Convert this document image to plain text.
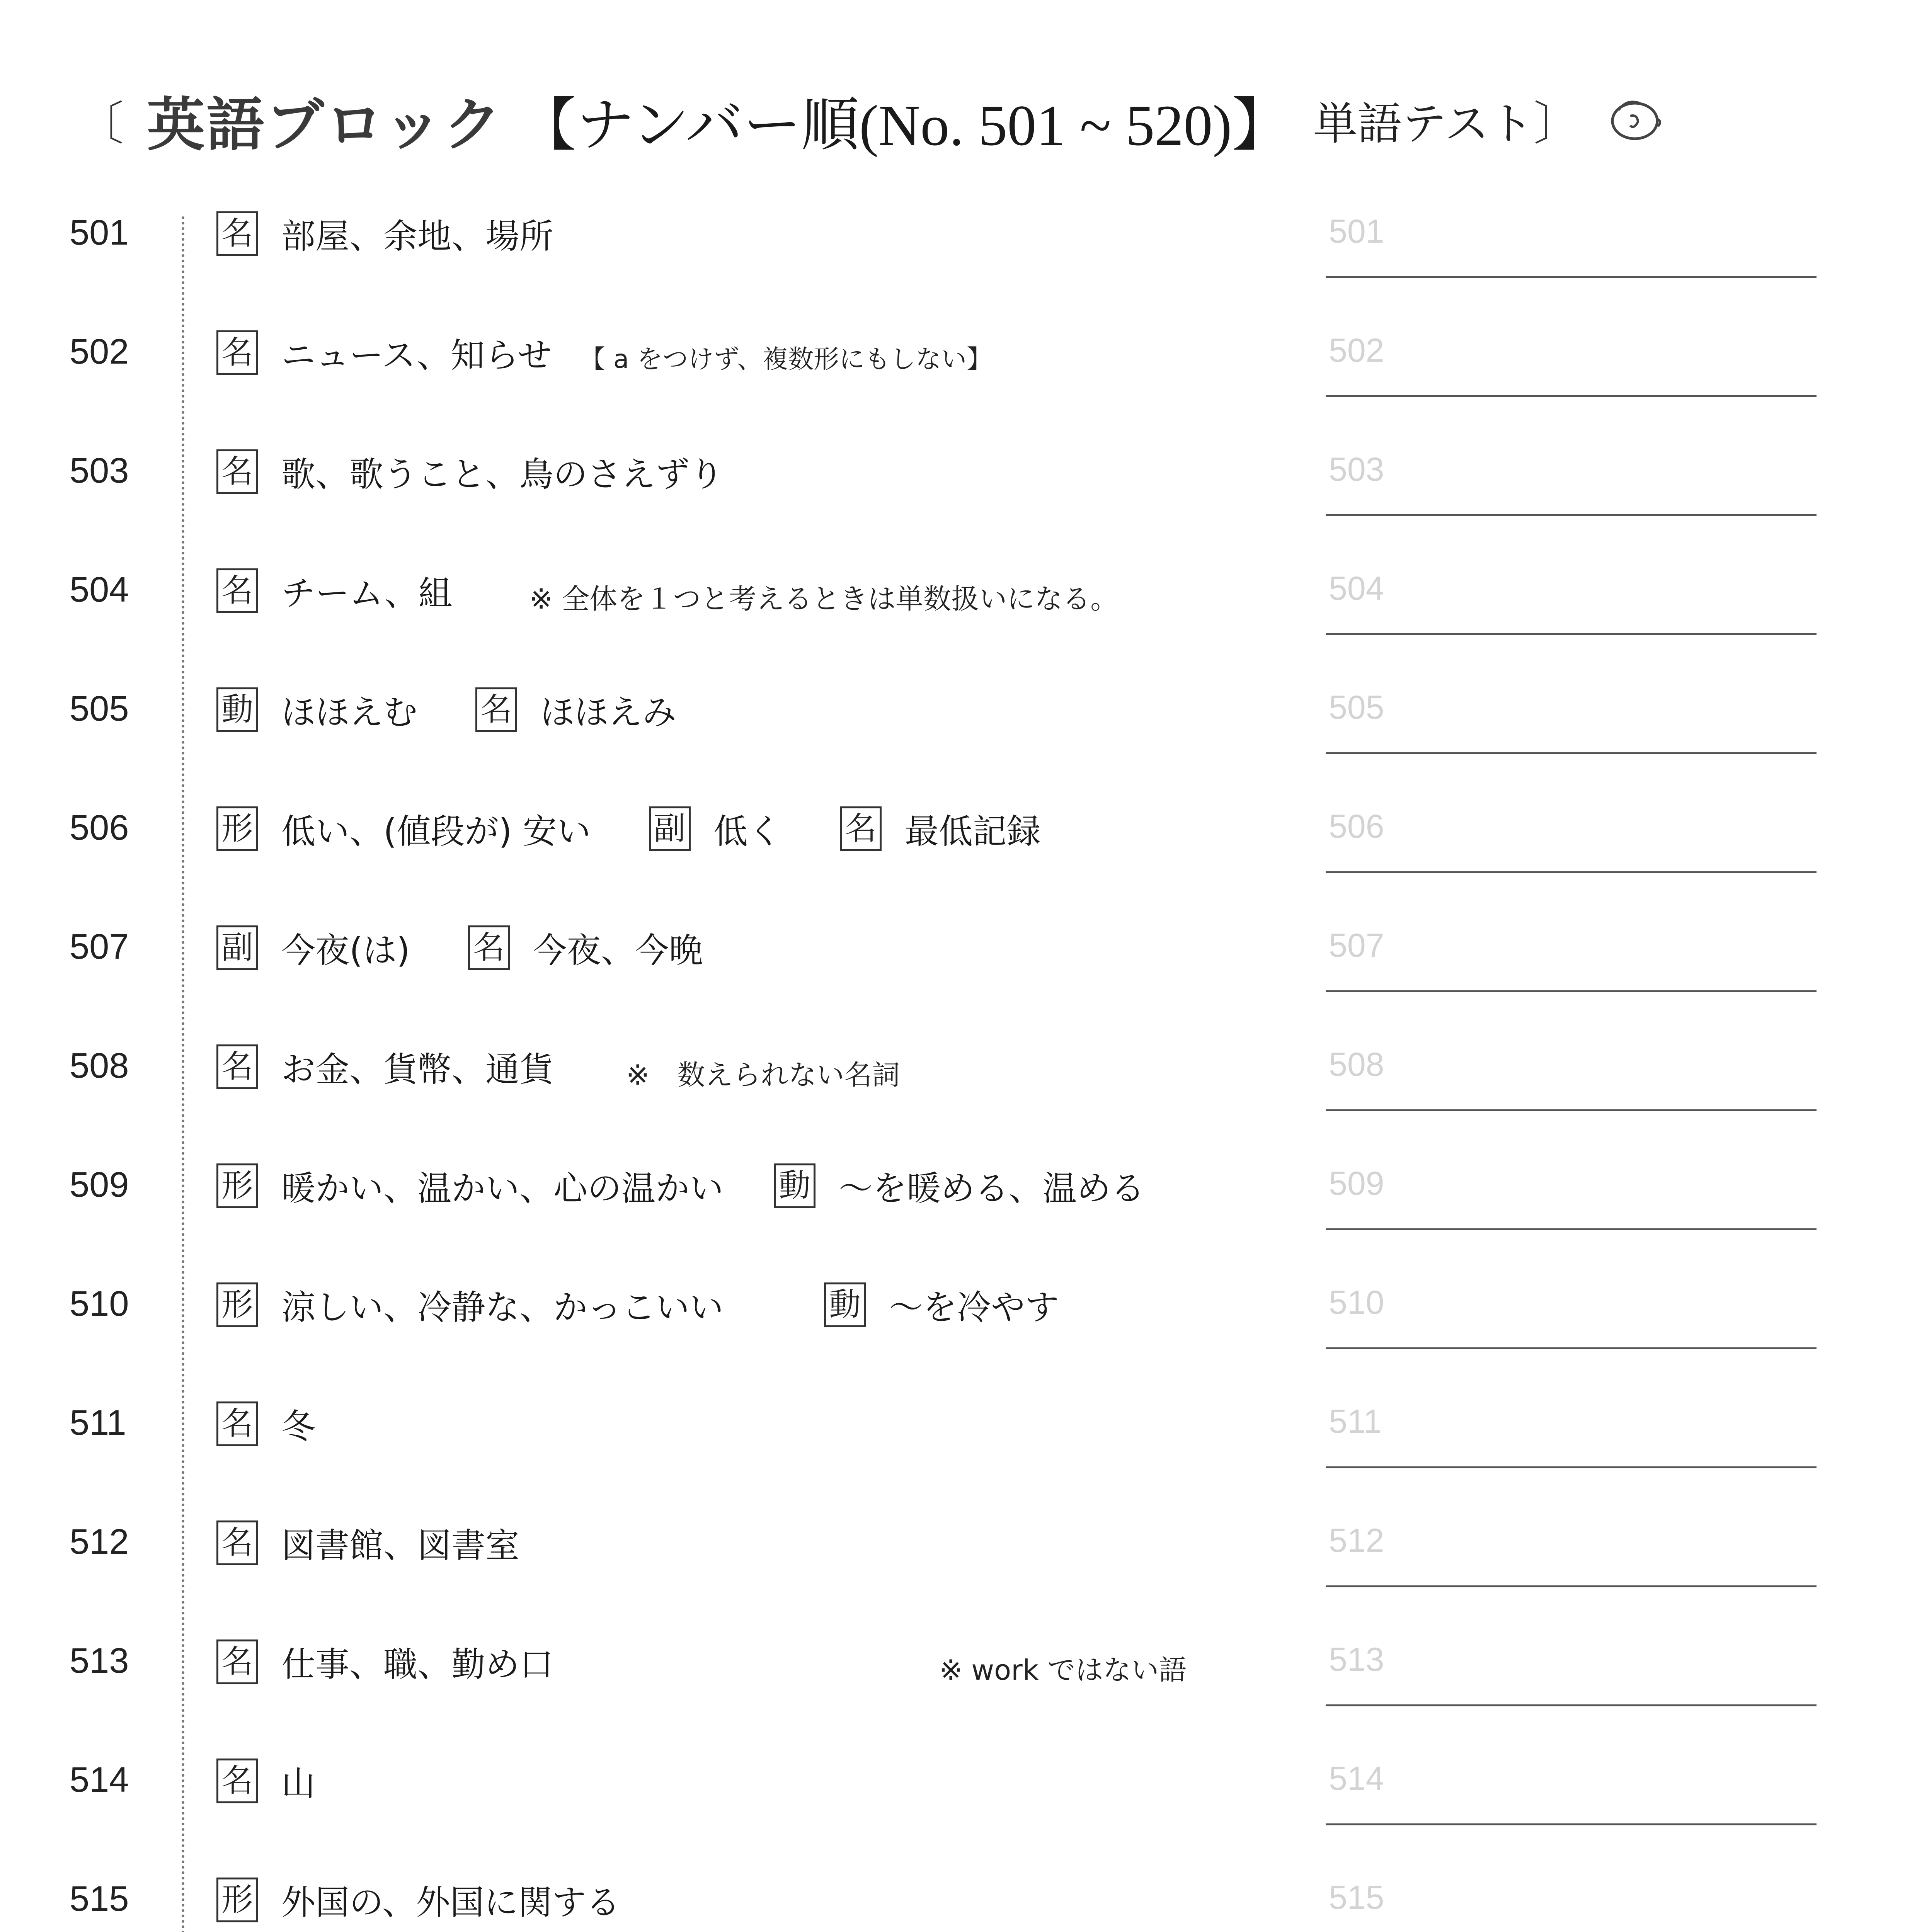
〔 英語ブロック 【ナンバー順(No. 501 ~ 520)】 単語テスト 〕
501	名 部屋、余地、場所	501
502	名 ニュース、知らせ 【 a をつけず、複数形にもしない】	502
503	名 歌、歌うこと、鳥のさえずり	503
504	名 チーム、組	※ 全体を１つと考えるときは単数扱いになる。	504
505	動 ほほえむ 名 ほほえみ	505
506	形 低い、(値段が) 安い 副 低く 名 最低記録	506
507	副 今夜(は) 名 今夜、今晩	507
508	名 お金、貨幣、通貨	※　数えられない名詞	508
509	形 暖かい、温かい、心の温かい 動 ～を暖める、温める	509
510	形 涼しい、冷静な、かっこいい	動 ～を冷やす	510
511	名 冬	511
512	名 図書館、図書室	512
513	名 仕事、職、勤め口	※ work ではない語	513
514	名 山	514
515	形 外国の、外国に関する	515
